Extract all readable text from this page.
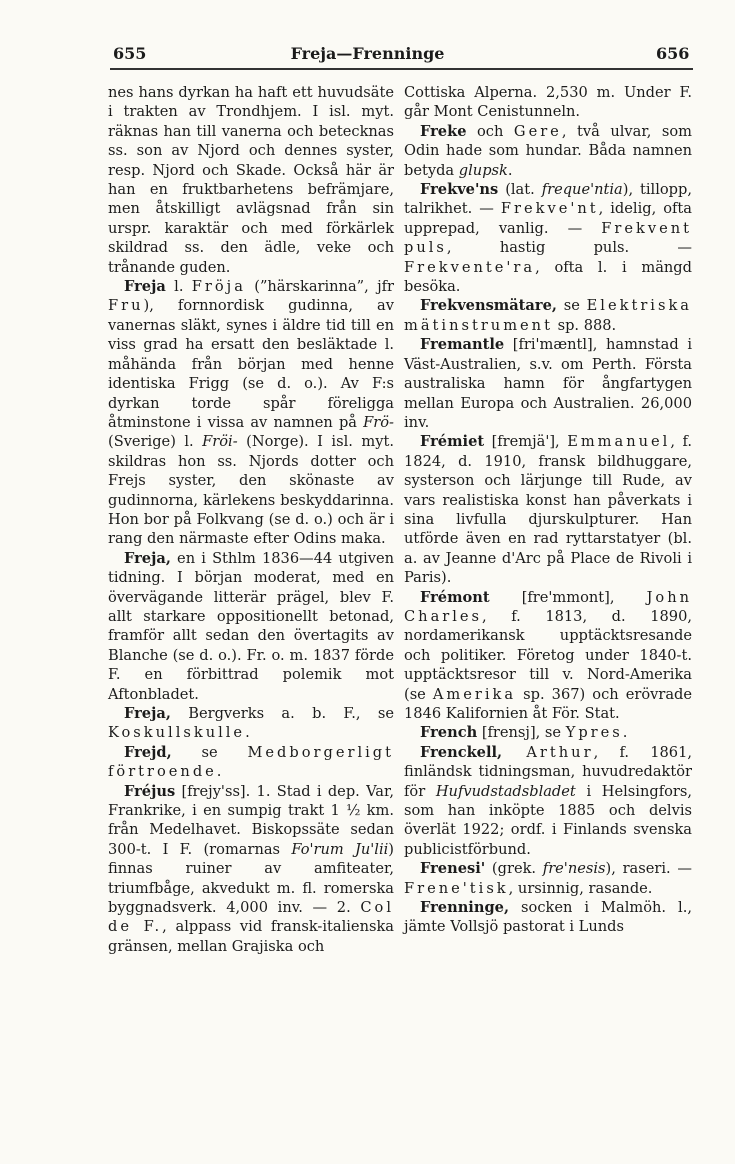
655	Freja—Frenninge	656

nes hans dyrkan ha haft ett huvudsäte i trakten av Trondhjem. I isl. myt. räknas han till vanerna och betecknas ss. son av Njord och dennes syster, resp. Njord och Skade. Också här är han en fruktbarhetens befrämjare, men åtskilligt avlägsnad från sin urspr. karaktär och med förkärlek skildrad ss. den ädle, veke och trånande guden.

Freja l. Fröja (”härskarinna”, jfr Fru), fornnordisk gudinna, av vanernas släkt, synes i äldre tid till en viss grad ha ersatt den besläktade l. måhända från början med henne identiska Frigg (se d. o.). Av F:s dyrkan torde spår föreligga åtminstone i vissa av namnen på Frö- (Sverige) l. Fröi- (Norge). I isl. myt. skildras hon ss. Njords dotter och Frejs syster, den skönaste av gudinnorna, kärlekens beskyddarinna. Hon bor på Folkvang (se d. o.) och är i rang den närmaste efter Odins maka.

Freja, en i Sthlm 1836—44 utgiven tidning. I början moderat, med en övervägande litterär prägel, blev F. allt starkare oppositionellt betonad, framför allt sedan den övertagits av Blanche (se d. o.). Fr. o. m. 1837 förde F. en förbittrad polemik mot Aftonbladet.

Freja, Bergverks a. b. F., se Koskullskulle.

Frejd, se Medborgerligt förtroende.

Fréjus [frejy'ss]. 1. Stad i dep. Var, Frankrike, i en sumpig trakt 1 ½ km. från Medelhavet. Biskopssäte sedan 300-t. I F. (romarnas Fo'rum Ju'lii) finnas ruiner av amfiteater, triumfbåge, akvedukt m. fl. romerska byggnadsverk. 4,000 inv. — 2. Col de F., alppass vid fransk-italienska gränsen, mellan Grajiska och

Cottiska Alperna. 2,530 m. Under F. går Mont Cenistunneln.

Freke och Gere, två ulvar, som Odin hade som hundar. Båda namnen betyda glupsk.

Frekve'ns (lat. freque'ntia), tillopp, talrikhet. — Frekve'nt, idelig, ofta upprepad, vanlig. — Frekvent puls, hastig puls. — Frekvente'ra, ofta l. i mängd besöka.

Frekvensmätare, se Elektriska mätinstrument sp. 888.

Fremantle [fri'mæntl], hamnstad i Väst-Australien, s.v. om Perth. Första australiska hamn för ångfartygen mellan Europa och Australien. 26,000 inv.

Frémiet [fremjä'], Emmanuel, f. 1824, d. 1910, fransk bildhuggare, systerson och lärjunge till Rude, av vars realistiska konst han påverkats i sina livfulla djurskulpturer. Han utförde även en rad ryttarstatyer (bl. a. av Jeanne d'Arc på Place de Rivoli i Paris).

Frémont [fre'mmont], John Charles, f. 1813, d. 1890, nordamerikansk upptäcktsresande och politiker. Företog under 1840-t. upptäcktsresor till v. Nord-Amerika (se Amerika sp. 367) och erövrade 1846 Kalifornien åt För. Stat.

French [frensj], se Ypres.

Frenckell, Arthur, f. 1861, finländsk tidningsman, huvudredaktör för Hufvudstadsbladet i Helsingfors, som han inköpte 1885 och delvis överlät 1922; ordf. i Finlands svenska publicistförbund.

Frenesi' (grek. fre'nesis), raseri. — Frene'tisk, ursinnig, rasande.

Frenninge, socken i Malmöh. l., jämte Vollsjö pastorat i Lunds
